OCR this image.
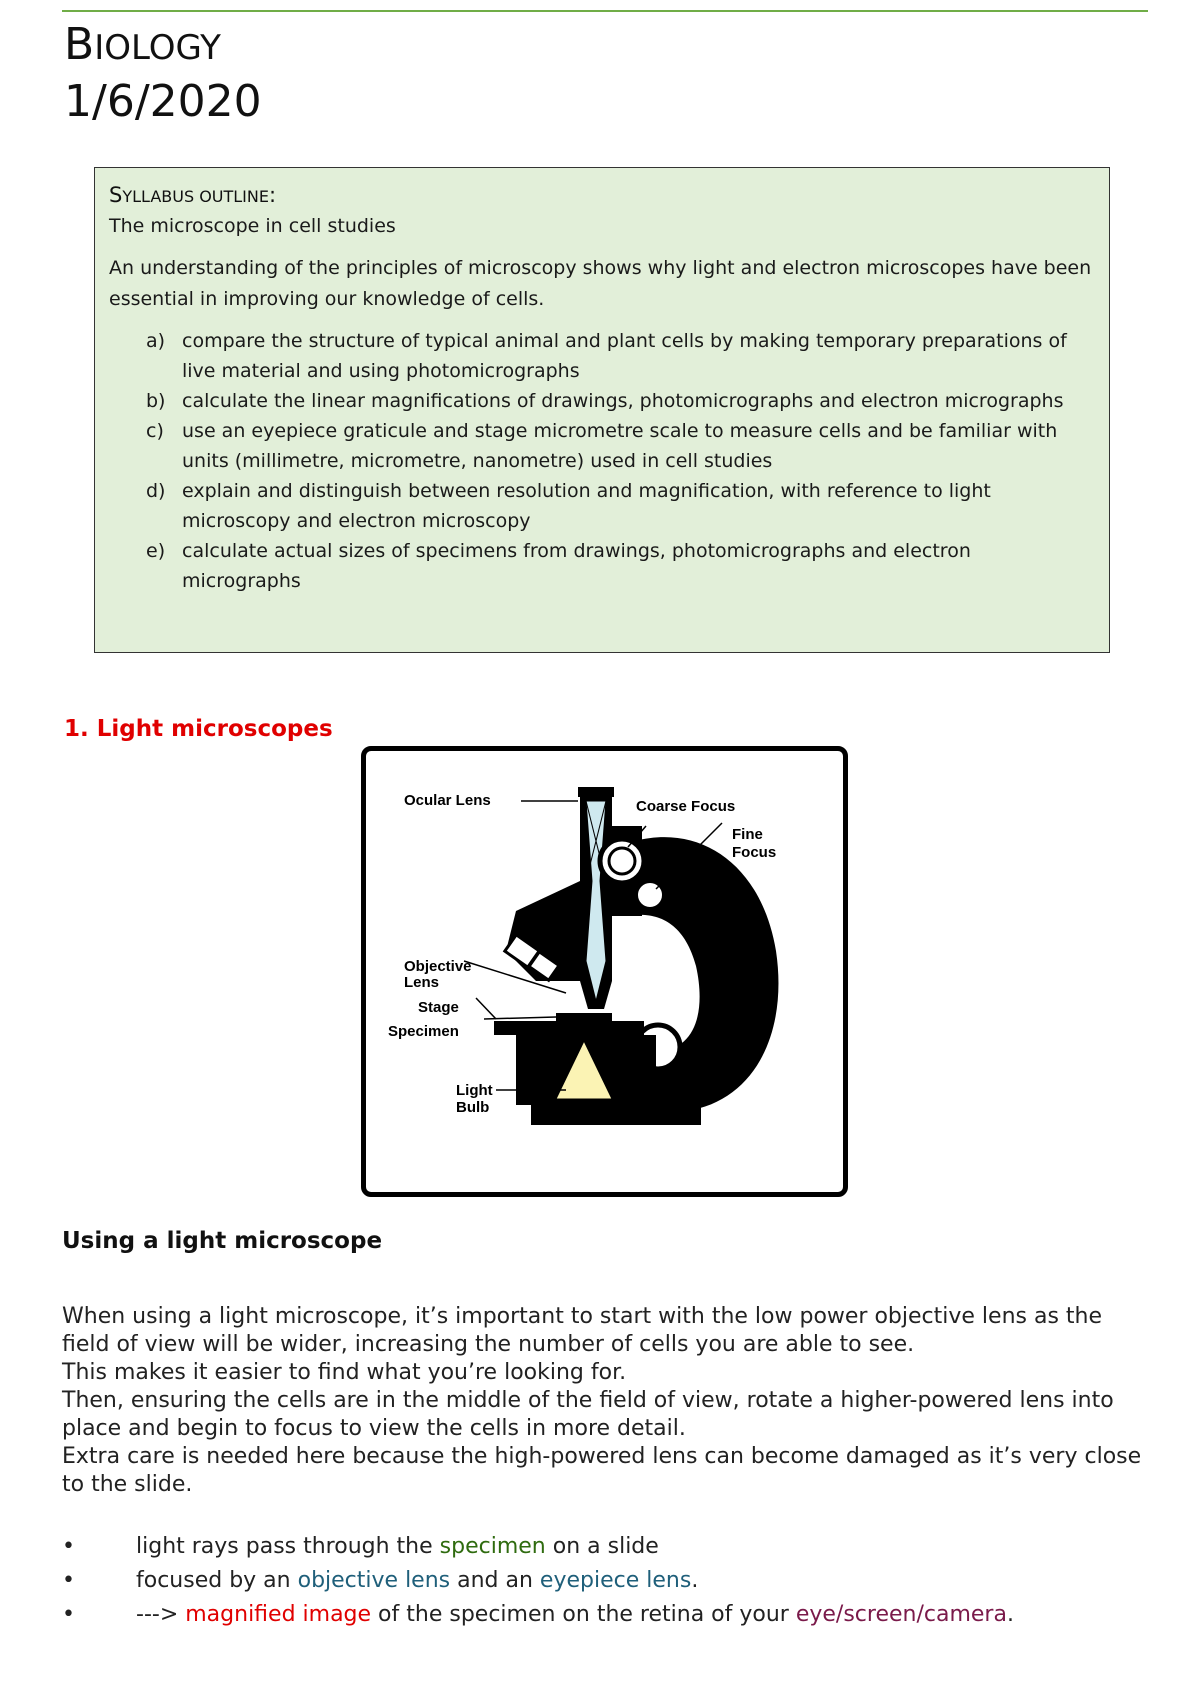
BIOLOGY
1/6/2020
SYLLABUS OUTLINE:
The microscope in cell studies
An understanding of the principles of microscopy shows why light and electron microscopes have been essential in improving our knowledge of cells.
a) compare the structure of typical animal and plant cells by making temporary preparations of live material and using photomicrographs
b) calculate the linear magnifications of drawings, photomicrographs and electron micrographs
c) use an eyepiece graticule and stage micrometre scale to measure cells and be familiar with units (millimetre, micrometre, nanometre) used in cell studies
d) explain and distinguish between resolution and magnification, with reference to light microscopy and electron microscopy
e) calculate actual sizes of specimens from drawings, photomicrographs and electron micrographs
1. Light microscopes
Ocular Lens	Coarse Focus
Fine
Focus
Objective
Lens
Stage
Specimen
Light
Bulb
Using a light microscope

When using a light microscope, it’s important to start with the low power objective lens as the field of view will be wider, increasing the number of cells you are able to see.

This makes it easier to find what you’re looking for.

Then, ensuring the cells are in the middle of the field of view, rotate a higher-powered lens into place and begin to focus to view the cells in more detail.

Extra care is needed here because the high-powered lens can become damaged as it’s very close to the slide.

•	light rays pass through the specimen on a slide
•	focused by an objective lens and an eyepiece lens.
•	---> magnified image of the specimen on the retina of your eye/screen/camera.
